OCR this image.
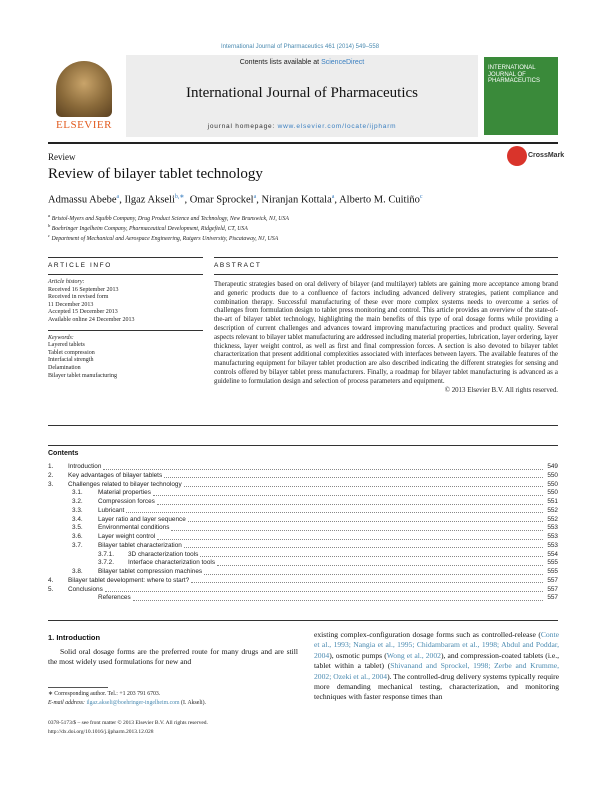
International Journal of Pharmaceutics 461 (2014) 549–558
ELSEVIER
Contents lists available at ScienceDirect
International Journal of Pharmaceutics
journal homepage: www.elsevier.com/locate/ijpharm
INTERNATIONAL JOURNAL OF PHARMACEUTICS
Review
Review of bilayer tablet technology
CrossMark
Admassu Abebe$^a$, Ilgaz Akseli$^{b,∗}$, Omar Sprockel$^a$, Niranjan Kottala$^a$, Alberto M. Cuitiño$^c$
$^a$ Bristol-Myers and Squibb Company, Drug Product Science and Technology, New Brunswick, NJ, USA
$^b$ Boehringer Ingelheim Company, Pharmaceutical Development, Ridgefield, CT, USA
$^c$ Department of Mechanical and Aerospace Engineering, Rutgers University, Piscataway, NJ, USA
ARTICLE INFO
Article history:
Received 16 September 2013
Received in revised form
11 December 2013
Accepted 15 December 2013
Available online 24 December 2013
Keywords:
Layered tablets
Tablet compression
Interfacial strength
Delamination
Bilayer tablet manufacturing
ABSTRACT
Therapeutic strategies based on oral delivery of bilayer (and multilayer) tablets are gaining more acceptance among brand and generic products due to a confluence of factors including advanced delivery strategies, patient compliance and combination therapy. Successful manufacturing of these ever more complex systems needs to overcome a series of challenges from formulation design to tablet press monitoring and control. This article provides an overview of the state-of-the-art of bilayer tablet technology, highlighting the main benefits of this type of oral dosage forms while providing a description of current challenges and advances toward improving manufacturing practices and product quality. Several aspects relevant to bilayer tablet manufacturing are addressed including material properties, lubrication, layer ordering, layer thickness, layer weight control, as well as first and final compression forces. A section is also devoted to bilayer tablet characterization that present additional complexities associated with interfaces between layers. The available features of the manufacturing equipment for bilayer tablet production are also described indicating the different strategies for sensing and controls offered by bilayer tablet press manufacturers. Finally, a roadmap for bilayer tablet manufacturing is advanced as a guideline to formulation design and selection of process parameters and equipment.
© 2013 Elsevier B.V. All rights reserved.
Contents
1. Introduction	549
2. Key advantages of bilayer tablets	550
3. Challenges related to bilayer technology	550
3.1. Material properties	550
3.2. Compression forces	551
3.3. Lubricant	552
3.4. Layer ratio and layer sequence	552
3.5. Environmental conditions	553
3.6. Layer weight control	553
3.7. Bilayer tablet characterization	553
3.7.1. 3D characterization tools	554
3.7.2. Interface characterization tools	555
3.8. Bilayer tablet compression machines	555
4. Bilayer tablet development: where to start?	557
5. Conclusions	557
References	557
1. Introduction
Solid oral dosage forms are the preferred route for many drugs and are still the most widely used formulations for new and
existing complex-configuration dosage forms such as controlled-release (Conte et al., 1993; Nangia et al., 1995; Chidambaram et al., 1998; Abdul and Poddar, 2004), osmotic pumps (Wong et al., 2002), and compression-coated tablets (i.e., tablet within a tablet) (Shivanand and Sprockel, 1998; Zerbe and Krumme, 2002; Ozeki et al., 2004). The controlled-drug delivery systems typically require more demanding mechanical testing, characterization, and monitoring techniques with faster response times than
∗ Corresponding author. Tel.: +1 203 791 6703.
E-mail address: ilgaz.akseli@boehringer-ingelheim.com (I. Akseli).
0378-5173/$ – see front matter © 2013 Elsevier B.V. All rights reserved.
http://dx.doi.org/10.1016/j.ijpharm.2013.12.028
